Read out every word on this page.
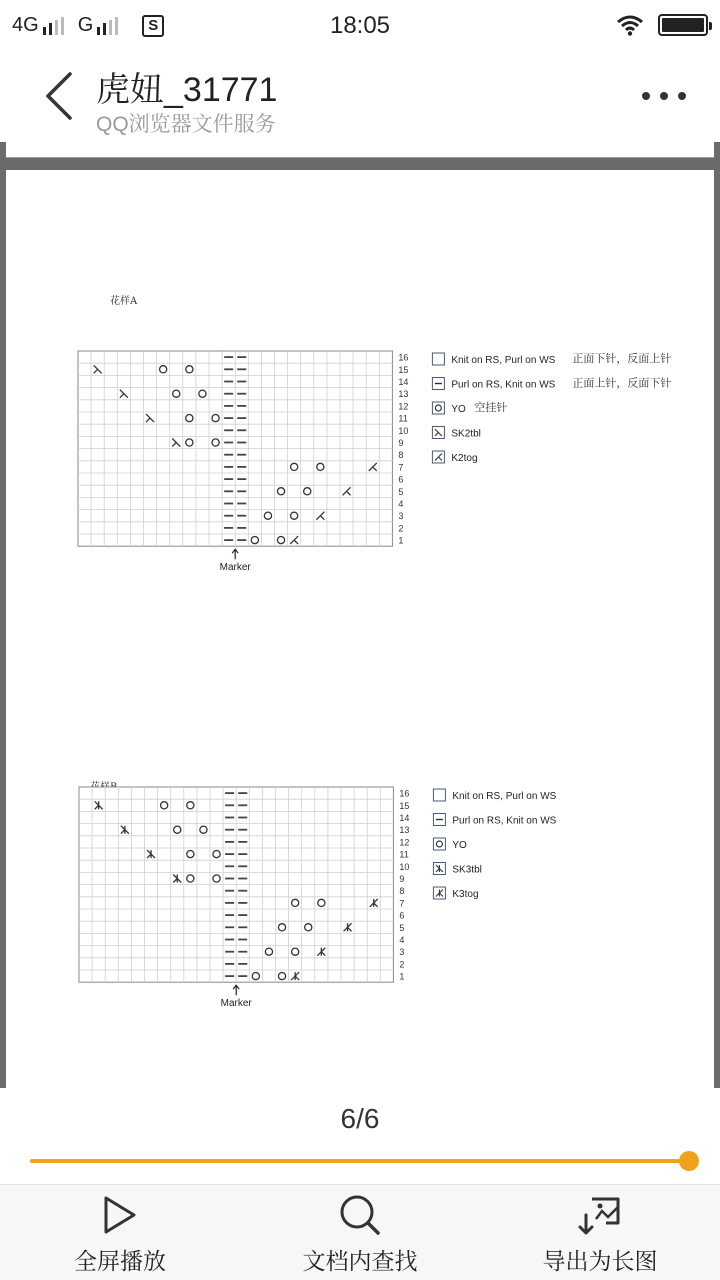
4G G	S	18:05
虎妞_31771
QQ浏览器文件服务
花样A
16
15
14
13
12
11
10
9
8
7
6
5
4
3
2
1
Marker
Knit on RS, Purl on WS 正面下针，反面上针
Purl on RS, Knit on WS 正面上针，反面下针
YO 空挂针
SK2tbl
K2tog
16
15
14
13
12
11
10
9
8
7
6
5
4
3
2
1
Marker
Knit on RS, Purl on WS
Purl on RS, Knit on WS
YO
SK3tbl
K3tog
6/6
全屏播放	文档内查找	导出为长图
